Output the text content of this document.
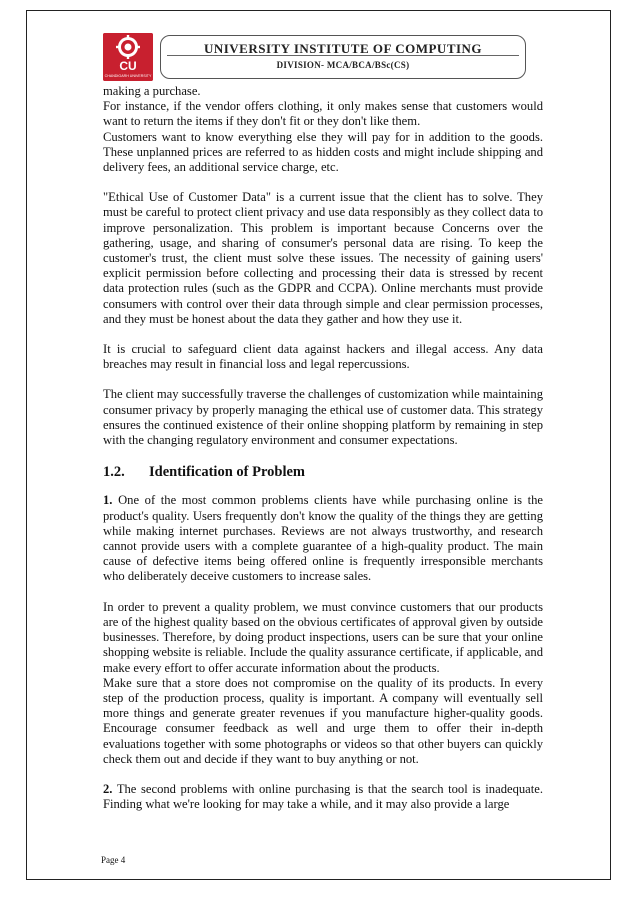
CU
CHANDIGARH UNIVERSITY
UNIVERSITY INSTITUTE OF COMPUTING
DIVISION- MCA/BCA/BSc(CS)

making a purchase.

For instance, if the vendor offers clothing, it only makes sense that customers would want to return the items if they don't fit or they don't like them.

Customers want to know everything else they will pay for in addition to the goods. These unplanned prices are referred to as hidden costs and might include shipping and delivery fees, an additional service charge, etc.

"Ethical Use of Customer Data" is a current issue that the client has to solve. They must be careful to protect client privacy and use data responsibly as they collect data to improve personalization. This problem is important because Concerns over the gathering, usage, and sharing of consumer's personal data are rising. To keep the customer's trust, the client must solve these issues. The necessity of gaining users' explicit permission before collecting and processing their data is stressed by recent data protection rules (such as the GDPR and CCPA). Online merchants must provide consumers with control over their data through simple and clear permission processes, and they must be honest about the data they gather and how they use it.

It is crucial to safeguard client data against hackers and illegal access. Any data breaches may result in financial loss and legal repercussions.

The client may successfully traverse the challenges of customization while maintaining consumer privacy by properly managing the ethical use of customer data. This strategy ensures the continued existence of their online shopping platform by remaining in step with the changing regulatory environment and consumer expectations.

1.2.	Identification of Problem

1. One of the most common problems clients have while purchasing online is the product's quality. Users frequently don't know the quality of the things they are getting while making internet purchases. Reviews are not always trustworthy, and research cannot provide users with a complete guarantee of a high-quality product. The main cause of defective items being offered online is frequently irresponsible merchants who deliberately deceive customers to increase sales.

In order to prevent a quality problem, we must convince customers that our products are of the highest quality based on the obvious certificates of approval given by outside businesses. Therefore, by doing product inspections, users can be sure that your online shopping website is reliable. Include the quality assurance certificate, if applicable, and make every effort to offer accurate information about the products.

Make sure that a store does not compromise on the quality of its products. In every step of the production process, quality is important. A company will eventually sell more things and generate greater revenues if you manufacture higher-quality goods. Encourage consumer feedback as well and urge them to offer their in-depth evaluations together with some photographs or videos so that other buyers can quickly check them out and decide if they want to buy anything or not.

2. The second problems with online purchasing is that the search tool is inadequate. Finding what we're looking for may take a while, and it may also provide a large

Page 4
